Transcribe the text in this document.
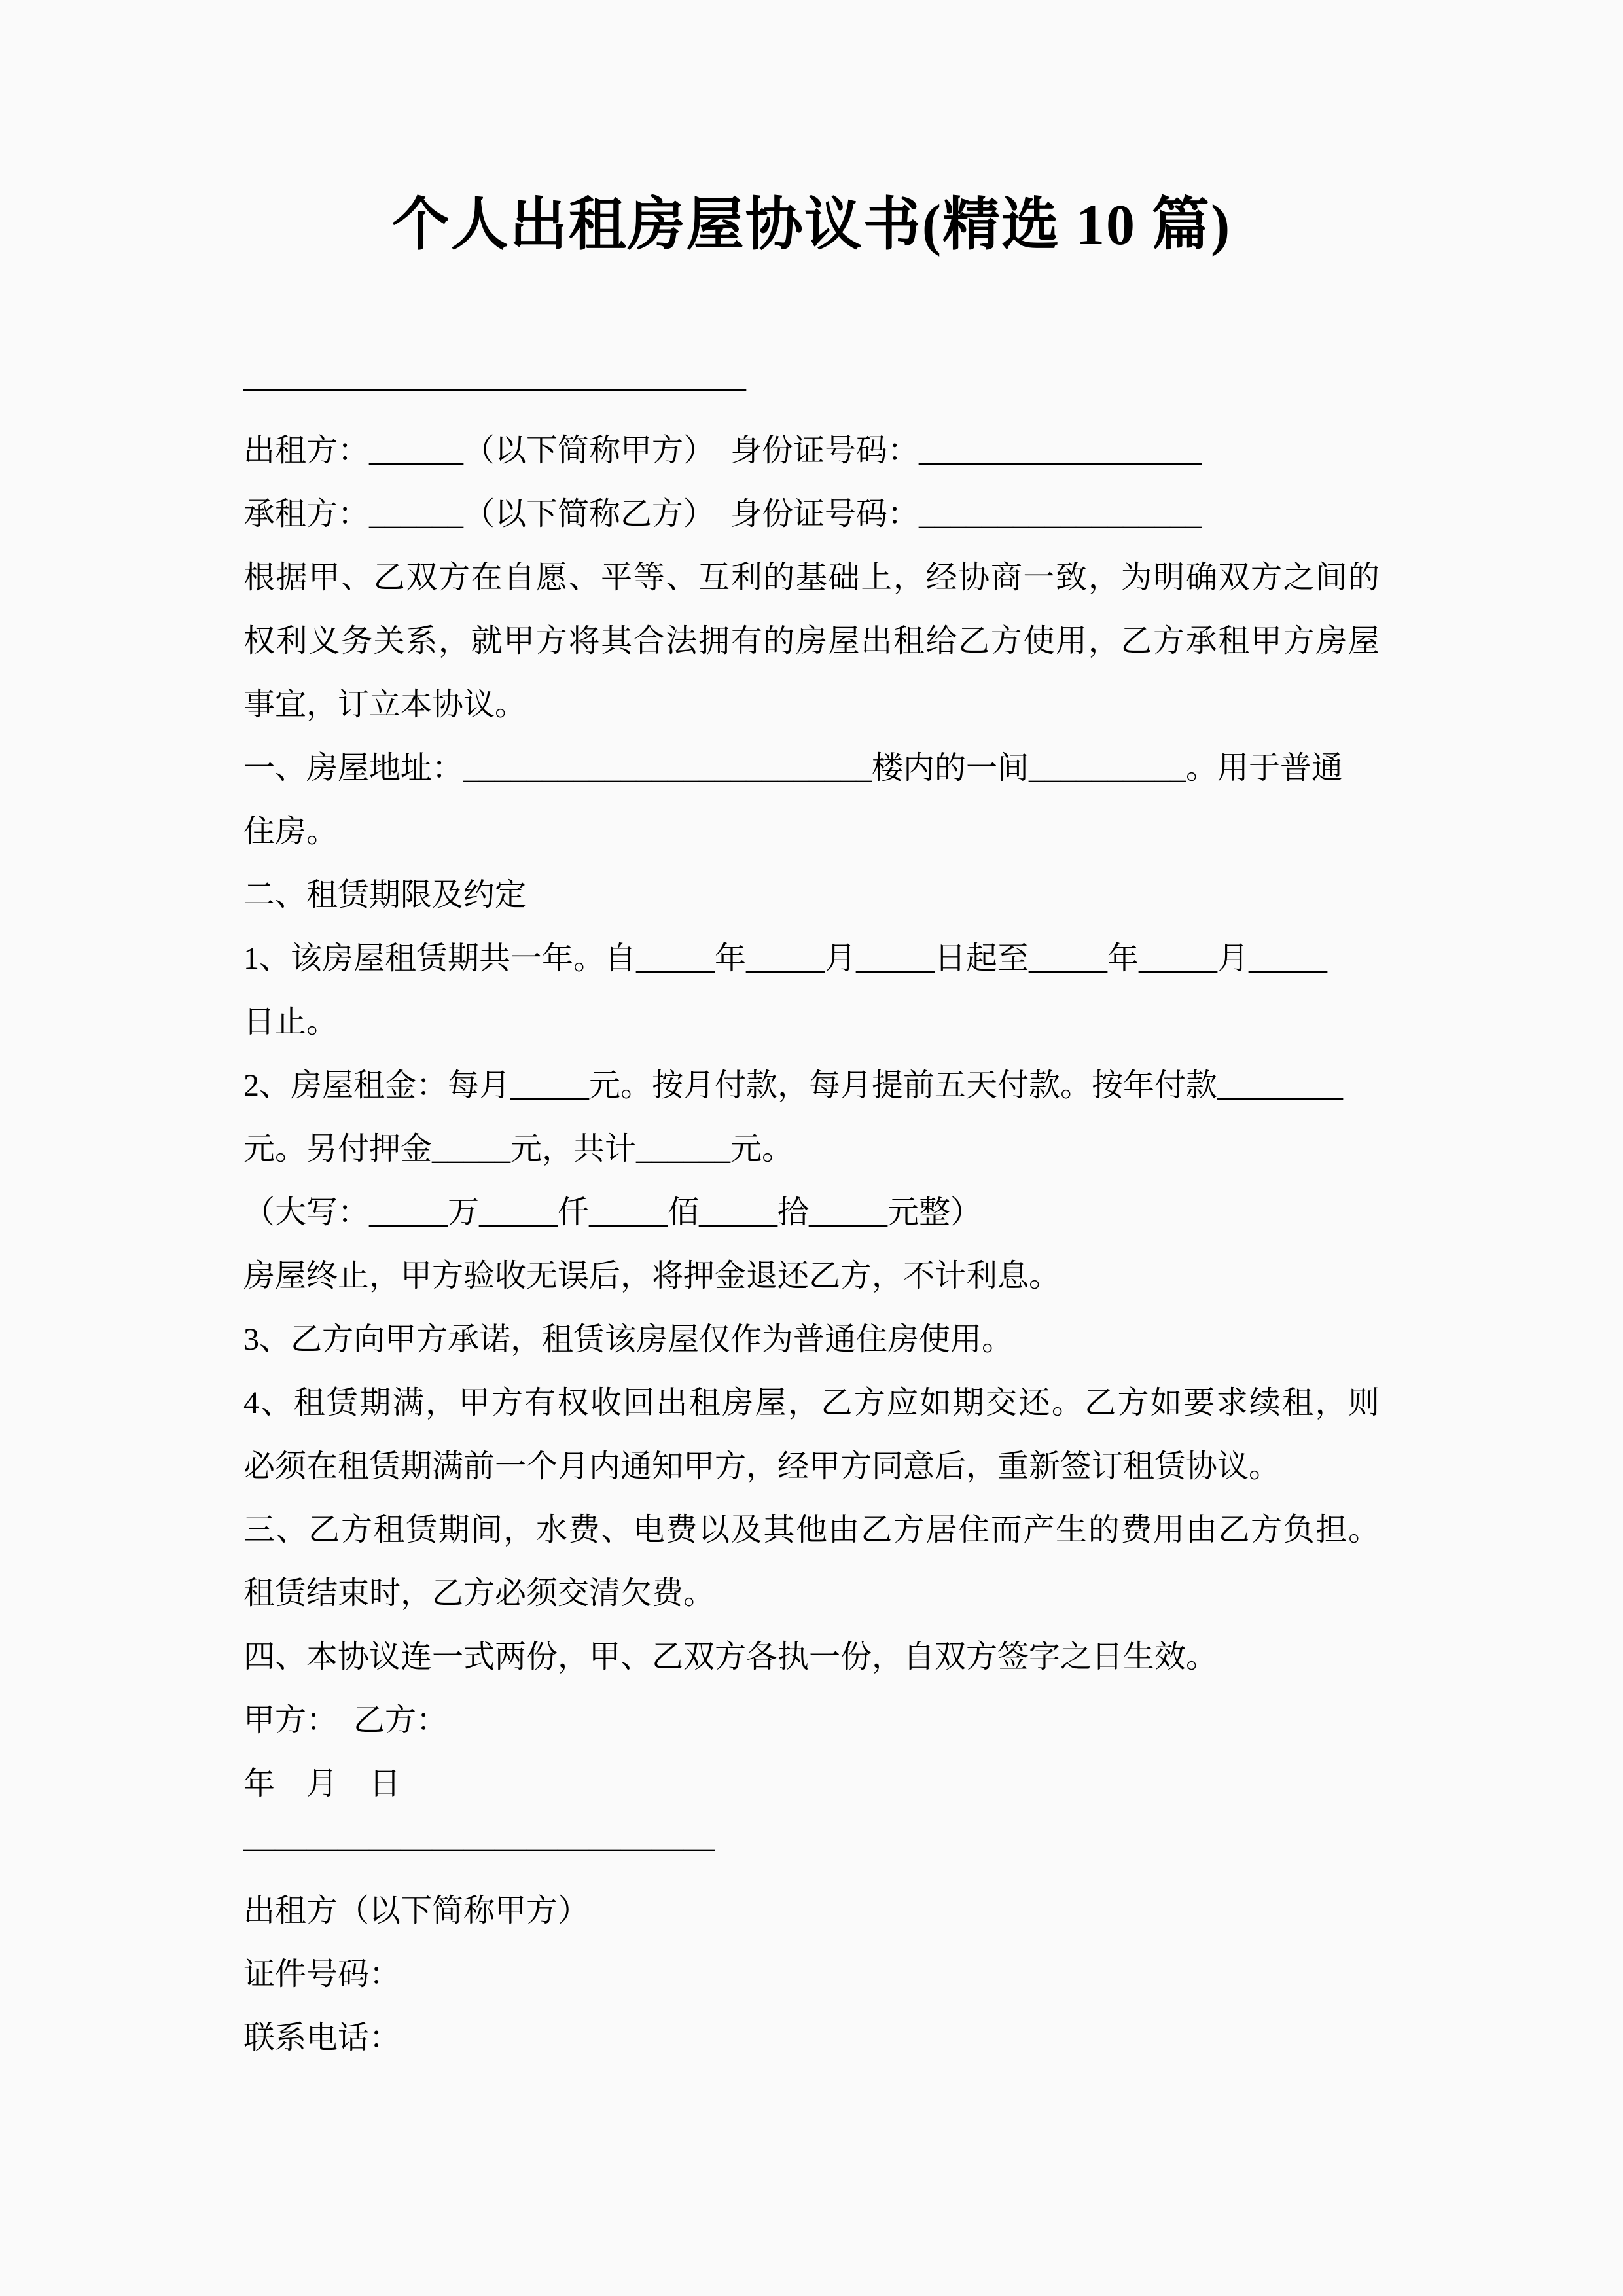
个人出租房屋协议书(精选 10 篇)

————————————————

出租方：______（以下简称甲方）　身份证号码：__________________

承租方：______（以下简称乙方）　身份证号码：__________________

根据甲、乙双方在自愿、平等、互利的基础上，经协商一致，为明确双方之间的

权利义务关系，就甲方将其合法拥有的房屋出租给乙方使用，乙方承租甲方房屋

事宜，订立本协议。

一、房屋地址：__________________________楼内的一间__________。用于普通

住房。

二、租赁期限及约定

1、该房屋租赁期共一年。自_____年_____月_____日起至_____年_____月_____

日止。

2、房屋租金：每月_____元。按月付款，每月提前五天付款。按年付款________

元。另付押金_____元，共计______元。

（大写：_____万_____仟_____佰_____拾_____元整）

房屋终止，甲方验收无误后，将押金退还乙方，不计利息。

3、乙方向甲方承诺，租赁该房屋仅作为普通住房使用。

4、租赁期满，甲方有权收回出租房屋，乙方应如期交还。乙方如要求续租，则

必须在租赁期满前一个月内通知甲方，经甲方同意后，重新签订租赁协议。

三、乙方租赁期间，水费、电费以及其他由乙方居住而产生的费用由乙方负担。

租赁结束时，乙方必须交清欠费。

四、本协议连一式两份，甲、乙双方各执一份，自双方签字之日生效。

甲方：　乙方：

年　月　日

———————————————

出租方（以下简称甲方）

证件号码：

联系电话：
